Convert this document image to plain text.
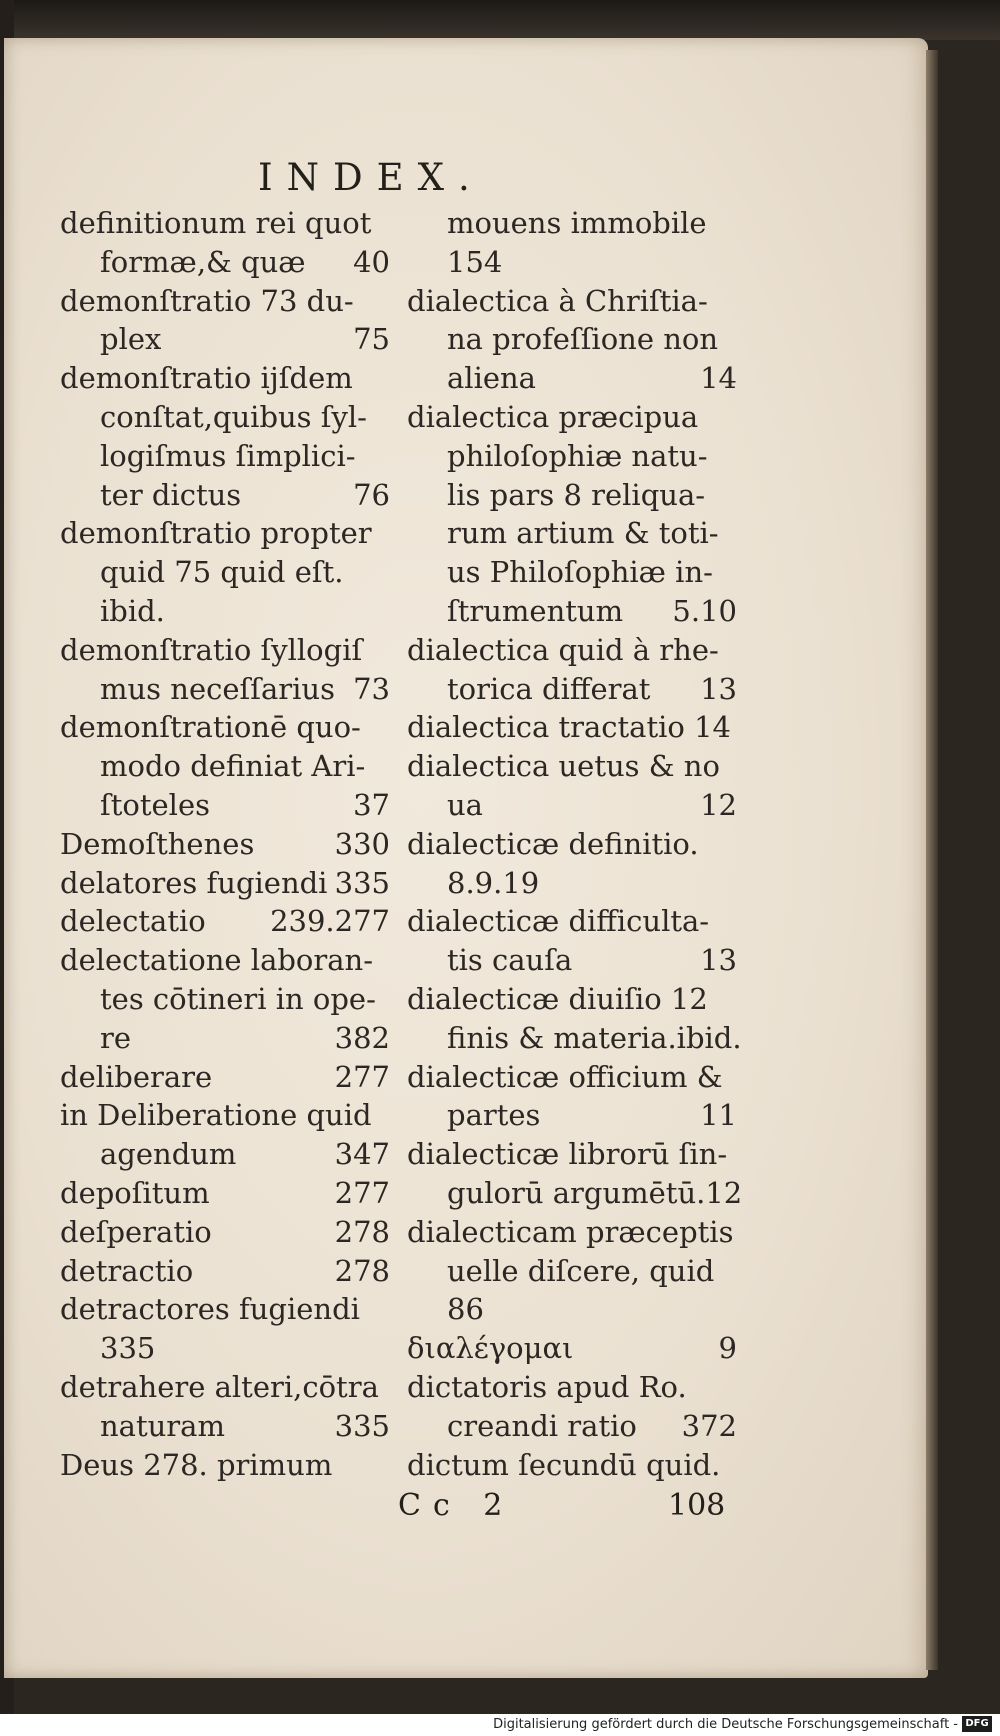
INDEX.
definitionum rei quot
formæ,& quæ 40
demonſtratio 73 du-
plex	75
demonſtratio ijſdem
conſtat,quibus ſyl-
logiſmus ſimplici-
ter dictus	76
demonſtratio propter
quid 75 quid eſt.
ibid.
demonſtratio ſyllogiſ
mus neceſſarius 73
demonſtrationē quo-
modo definiat Ari-
ſtoteles	37
Demoſthenes	330
delatores fugiendi 335
delectatio 239.277
delectatione laboran-
tes cōtineri in ope-
re	382
deliberare	277
in Deliberatione quid
agendum	347
depoſitum	277
deſperatio	278
detractio	278
detractores fugiendi
335
detrahere alteri,cōtra
naturam	335
Deus 278. primum
mouens immobile
154
dialectica à Chriſtia-
na profeſſione non
aliena	14
dialectica præcipua
philoſophiæ natu-
lis pars 8 reliqua-
rum artium & toti-
us Philoſophiæ in-
ſtrumentum 5.10
dialectica quid à rhe-
torica differat 13
dialectica tractatio 14
dialectica uetus & no
ua	12
dialecticæ definitio.
8.9.19
dialecticæ difficulta-
tis cauſa	13
dialecticæ diuiſio 12
finis & materia.ibid.
dialecticæ officium &
partes	11
dialecticæ librorū ſin-
gulorū argumētū.12
dialecticam præceptis
uelle diſcere, quid
86
διαλέγομαι	9
dictatoris apud Ro.
creandi ratio 372
dictum ſecundū quid.
Cc 2	108
Digitalisierung gefördert durch die Deutsche Forschungsgemeinschaft - DFG
